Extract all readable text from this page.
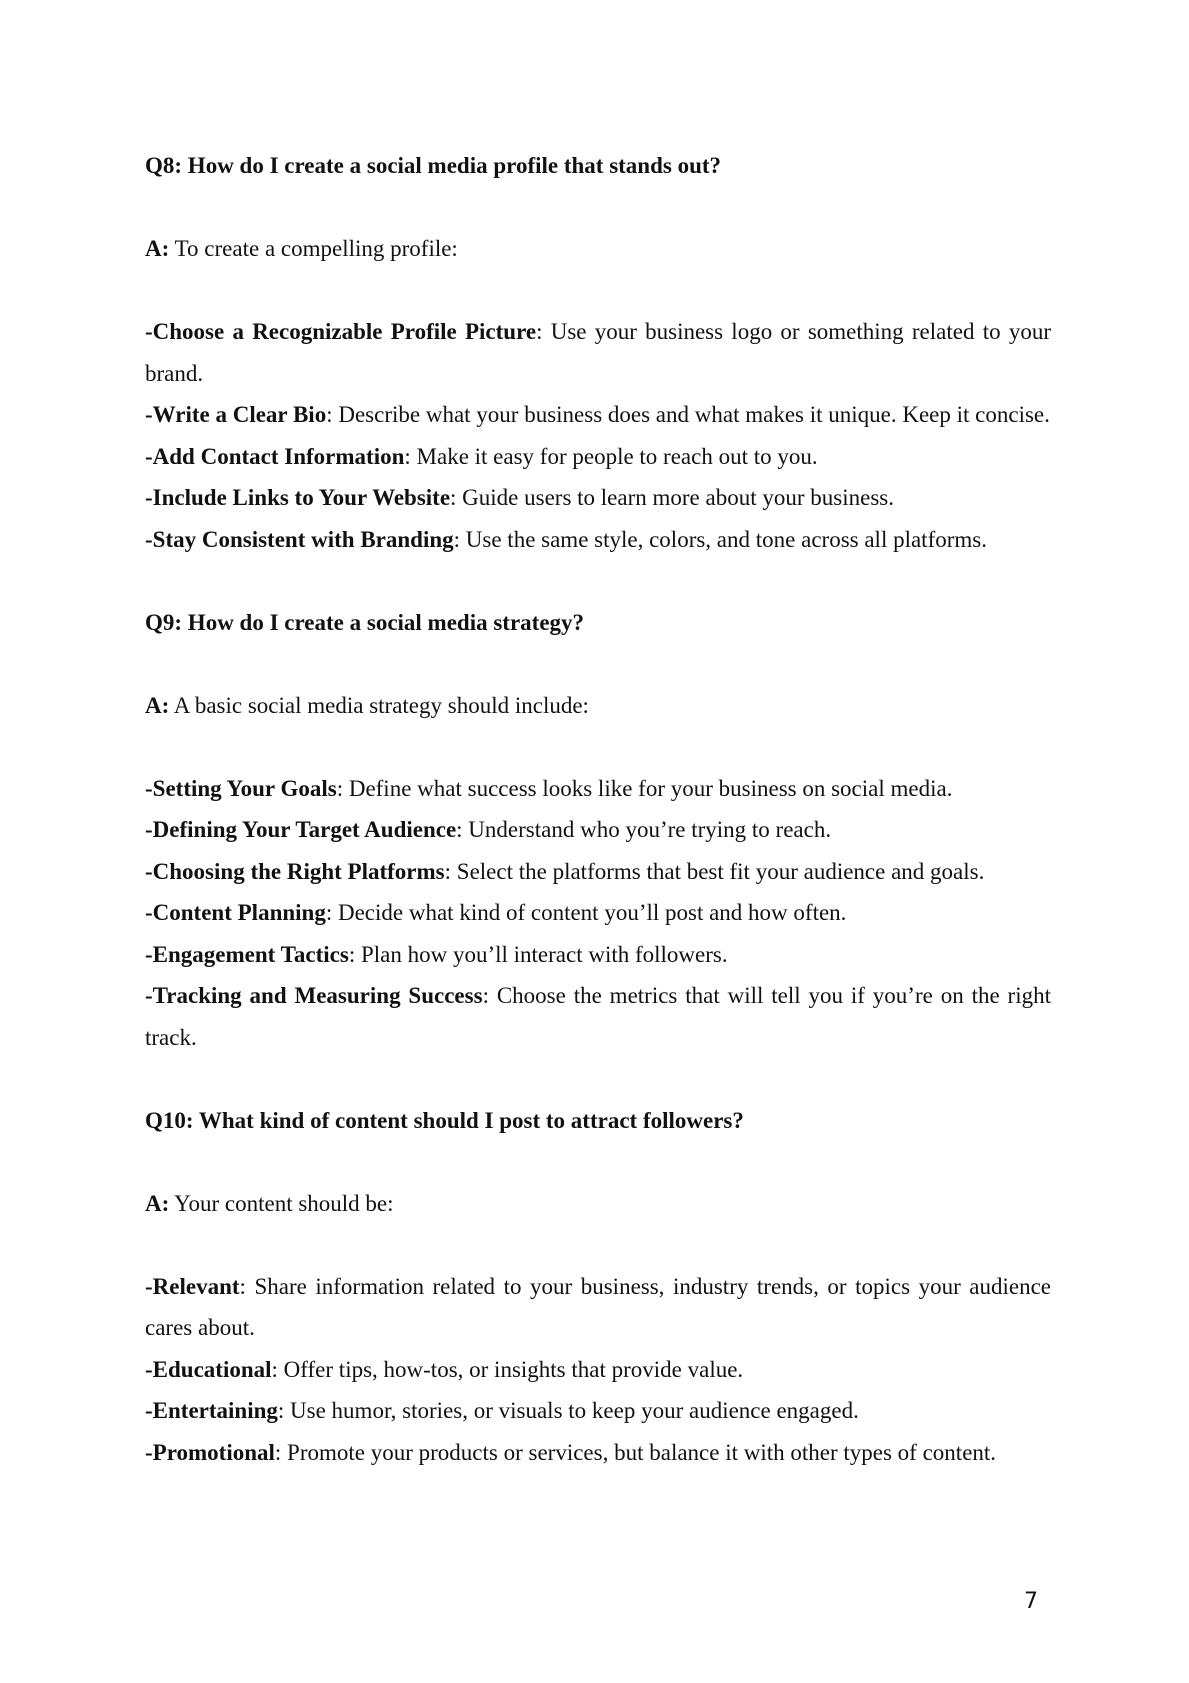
Q8: How do I create a social media profile that stands out?

A: To create a compelling profile:

-Choose a Recognizable Profile Picture: Use your business logo or something related to your brand.

-Write a Clear Bio: Describe what your business does and what makes it unique. Keep it concise.

-Add Contact Information: Make it easy for people to reach out to you.

-Include Links to Your Website: Guide users to learn more about your business.

-Stay Consistent with Branding: Use the same style, colors, and tone across all platforms.

Q9: How do I create a social media strategy?

A: A basic social media strategy should include:

-Setting Your Goals: Define what success looks like for your business on social media.

-Defining Your Target Audience: Understand who you’re trying to reach.

-Choosing the Right Platforms: Select the platforms that best fit your audience and goals.

-Content Planning: Decide what kind of content you’ll post and how often.

-Engagement Tactics: Plan how you’ll interact with followers.

-Tracking and Measuring Success: Choose the metrics that will tell you if you’re on the right track.

Q10: What kind of content should I post to attract followers?

A: Your content should be:

-Relevant: Share information related to your business, industry trends, or topics your audience cares about.

-Educational: Offer tips, how-tos, or insights that provide value.

-Entertaining: Use humor, stories, or visuals to keep your audience engaged.

-Promotional: Promote your products or services, but balance it with other types of content.

7
